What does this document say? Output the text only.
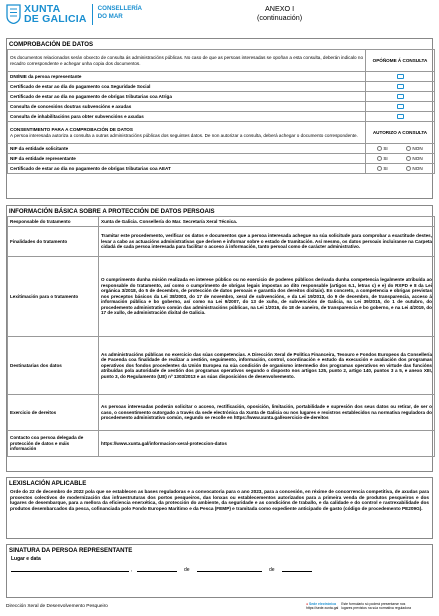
XUNTA
DE GALICIA
CONSELLERÍA
DO MAR
ANEXO I
(continuación)
COMPROBACIÓN DE DATOS
Os documentos relacionados serán obxecto de consulta ás administracións públicas. No caso de que as persoas interesadas se opoñan a esta consulta, deberán indicalo no recadro correspondente e achegar unha copia dos documentos.	OPÓÑOME Á CONSULTA
DNI/NIE da persoa representante	
Certificado de estar ao día do pagamento coa Seguridade Social	
Certificado de estar ao día no pagamento de obrigas tributarias coa Atriga	
Consulta de concesións doutras subvencións e axudas	
Consulta de inhabilitacións para obter subvencións e axudas	

CONSENTIMENTO PARA A COMPROBACIÓN DE DATOS
A persoa interesada autoriza a consulta a outras administracións públicas dos seguintes datos. De non autorizar a consulta, deberá achegar o documento correspondente.	AUTORIZO A CONSULTA
NIF da entidade solicitante	SI NON

NIF da entidade representante	SI NON

Certificado de estar ao día no pagamento de obrigas tributarias coa AEAT	SI NON
INFORMACIÓN BÁSICA SOBRE A PROTECCIÓN DE DATOS PERSOAIS
Responsable do tratamento	Xunta de Galicia. Consellería do Mar. Secretaría Xeral Técnica.
Finalidades do tratamento	Tramitar este procedemento, verificar os datos e documentos que a persoa interesada achegue na súa solicitude para comprobar a exactitude destes, levar a cabo as actuacións administrativas que deriven e informar sobre o estado de tramitación. Así mesmo, os datos persoais incluiranse na Carpeta cidadá de cada persoa interesada para facilitar o acceso á información, tanto persoal como de carácter administrativo.
Lexitimación para o tratamento	O cumprimento dunha misión realizada en interese público ou no exercicio de poderes públicos derivada dunha competencia legalmente atribuída ao responsable do tratamento, así como o cumprimento de obrigas legais impostas ao dito responsable (artigos 6.1, letras c) e e) do RXPD e 8 da Lei orgánica 3/2018, do 5 de decembro, de protección de datos persoais e garantía dos dereitos dixitais). En concreto, a competencia e obrigas previstas nos preceptos básicos da Lei 38/2003, do 17 de novembro, xeral de subvencións, e da Lei 19/2013, do 9 de decembro, de transparencia, acceso á información pública e bo goberno, así como na Lei 9/2007, do 13 de xuño, de subvencións de Galicia, na Lei 39/2015, do 1 de outubro, do procedemento administrativo común das administracións públicas, na Lei 1/2016, do 18 de xaneiro, de transparencia e bo goberno, e na Lei 4/2019, do 17 de xullo, de administración dixital de Galicia.
Destinatarias dos datos	As administracións públicas no exercicio das súas competencias. A Dirección Xeral de Política Financeira, Tesouro e Fondos Europeos da Consellería de Facenda coa finalidade de realizar a xestión, seguimento, información, control, coordinación e estudo da execución e avaliación dos programas operativos dos fondos procedentes da Unión Europea na súa condición de organismo intermedio dos programas operativos en virtude das funcións atribuídas pola autoridade de xestión dos programas operativos segundo o disposto nos artigos 125, punto 2, artigo 140, puntos 3 a 5, e anexo XIII, punto 3, do Regulamento (UE) nº 1303/2013 e as súas disposicións de desenvolvemento.
Exercicio de dereitos	As persoas interesadas poderán solicitar o acceso, rectificación, oposición, limitación, portabilidade e supresión dos seus datos ou retirar, de ser o caso, o consentimento outorgado a través da sede electrónica da Xunta de Galicia ou nos lugares e rexistros establecidos na normativa reguladora do procedemento administrativo común, segundo se recolle en https://www.xunta.gal/exercicio-de-dereitos
Contacto coa persoa delegada de protección de datos e máis información	https://www.xunta.gal/informacion-xeral-proteccion-datos
LEXISLACIÓN APLICABLE
Orde do 22 de decembro de 2022 pola que se establecen as bases reguladoras e a convocatoria para o ano 2023, para a concesión, en réxime de concorrencia competitiva, de axudas para proxectos colectivos de modernización das infraestruturas dos portos pesqueiros, das lonxas ou establecementos autorizados para a primeira venda de produtos pesqueiros e dos lugares de desembarque, para a mellora da eficiencia enerxética, da protección do ambiente, da seguridade e as condicións de traballo, e da calidade e do control e rastrexabilidade dos produtos desembarcados da pesca, cofinanciada polo Fondo Europeo Marítimo e da Pesca (FEMP) e tramitada como expediente anticipado de gasto (código de procedemento PE209G).
SINATURA DA PERSOA REPRESENTANTE
Lugar e data
,	de	de
Dirección Xeral de Desenvolvemento Pesqueiro	● Sede electrónica
https://sede.xunta.gal
Este formulario só poderá presentarse nos
lugares previstos na súa normativa reguladora
